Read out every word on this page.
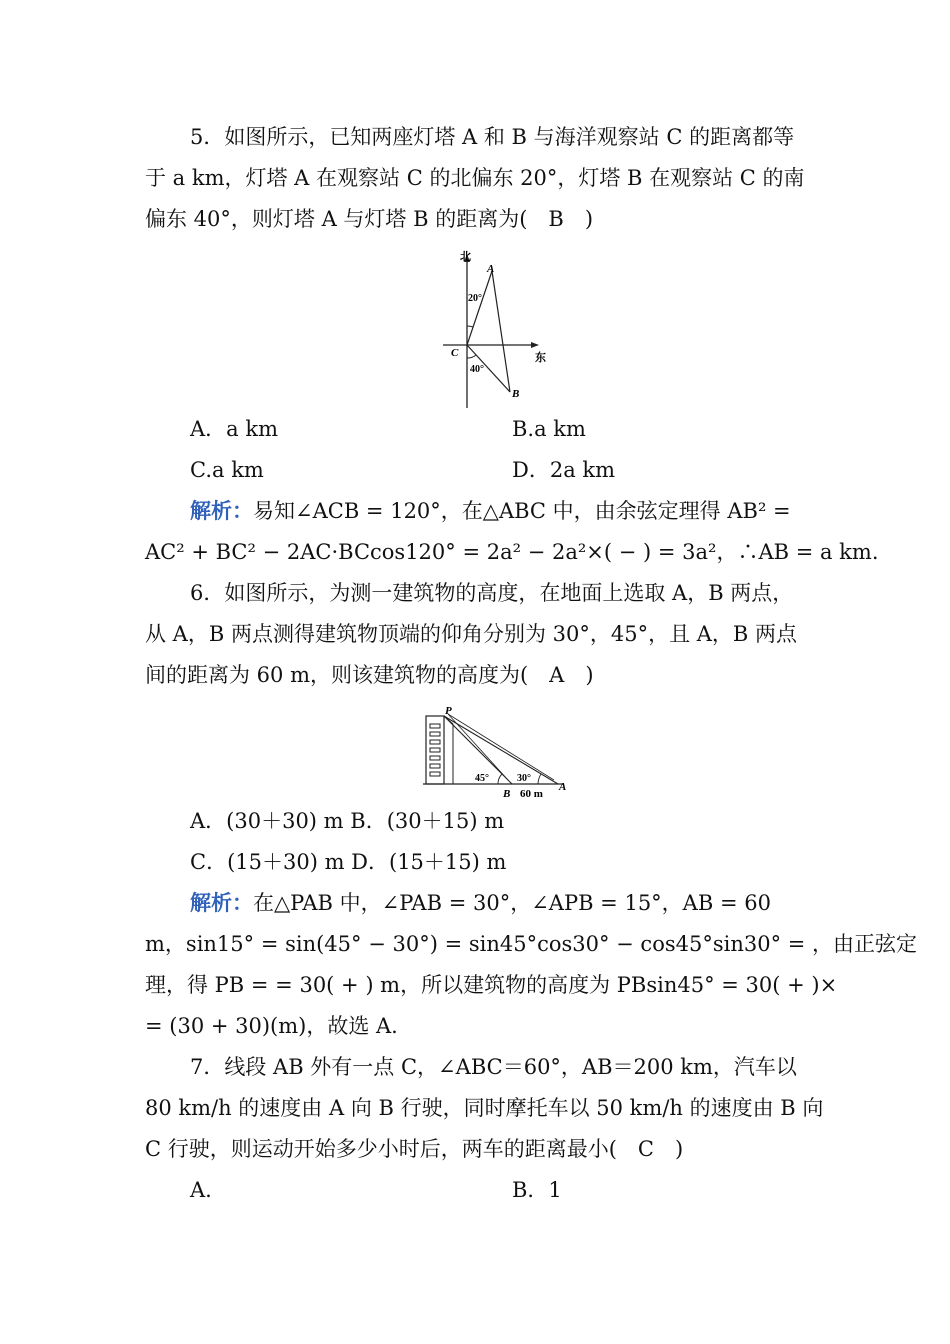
5．如图所示，已知两座灯塔 A 和 B 与海洋观察站 C 的距离都等
于 a km，灯塔 A 在观察站 C 的北偏东 20°，灯塔 B 在观察站 C 的南
偏东 40°，则灯塔 A 与灯塔 B 的距离为(　B　)
北
A
C
B
20°
40°
东
A．a km	B.a km
C.a km	D．2a km
解析：易知∠ACB = 120°，在△ABC 中，由余弦定理得 AB² =
AC² + BC² − 2AC·BCcos120° = 2a² − 2a²×( − ) = 3a²，∴AB = a km.
6．如图所示，为测一建筑物的高度，在地面上选取 A，B 两点，
从 A，B 两点测得建筑物顶端的仰角分别为 30°，45°，且 A，B 两点
间的距离为 60 m，则该建筑物的高度为(　A　)
P
45°	30°
B 60 m
A
A．(30＋30) m B．(30＋15) m
C．(15＋30) m D．(15＋15) m
解析：在△PAB 中，∠PAB = 30°，∠APB = 15°，AB = 60
m，sin15° = sin(45° − 30°) = sin45°cos30° − cos45°sin30° = ，由正弦定
理，得 PB = = 30( + ) m，所以建筑物的高度为 PBsin45° = 30( + )×
= (30 + 30)(m)，故选 A.
7．线段 AB 外有一点 C，∠ABC＝60°，AB＝200 km，汽车以
80 km/h 的速度由 A 向 B 行驶，同时摩托车以 50 km/h 的速度由 B 向
C 行驶，则运动开始多少小时后，两车的距离最小(　C　)
A.	B．1
